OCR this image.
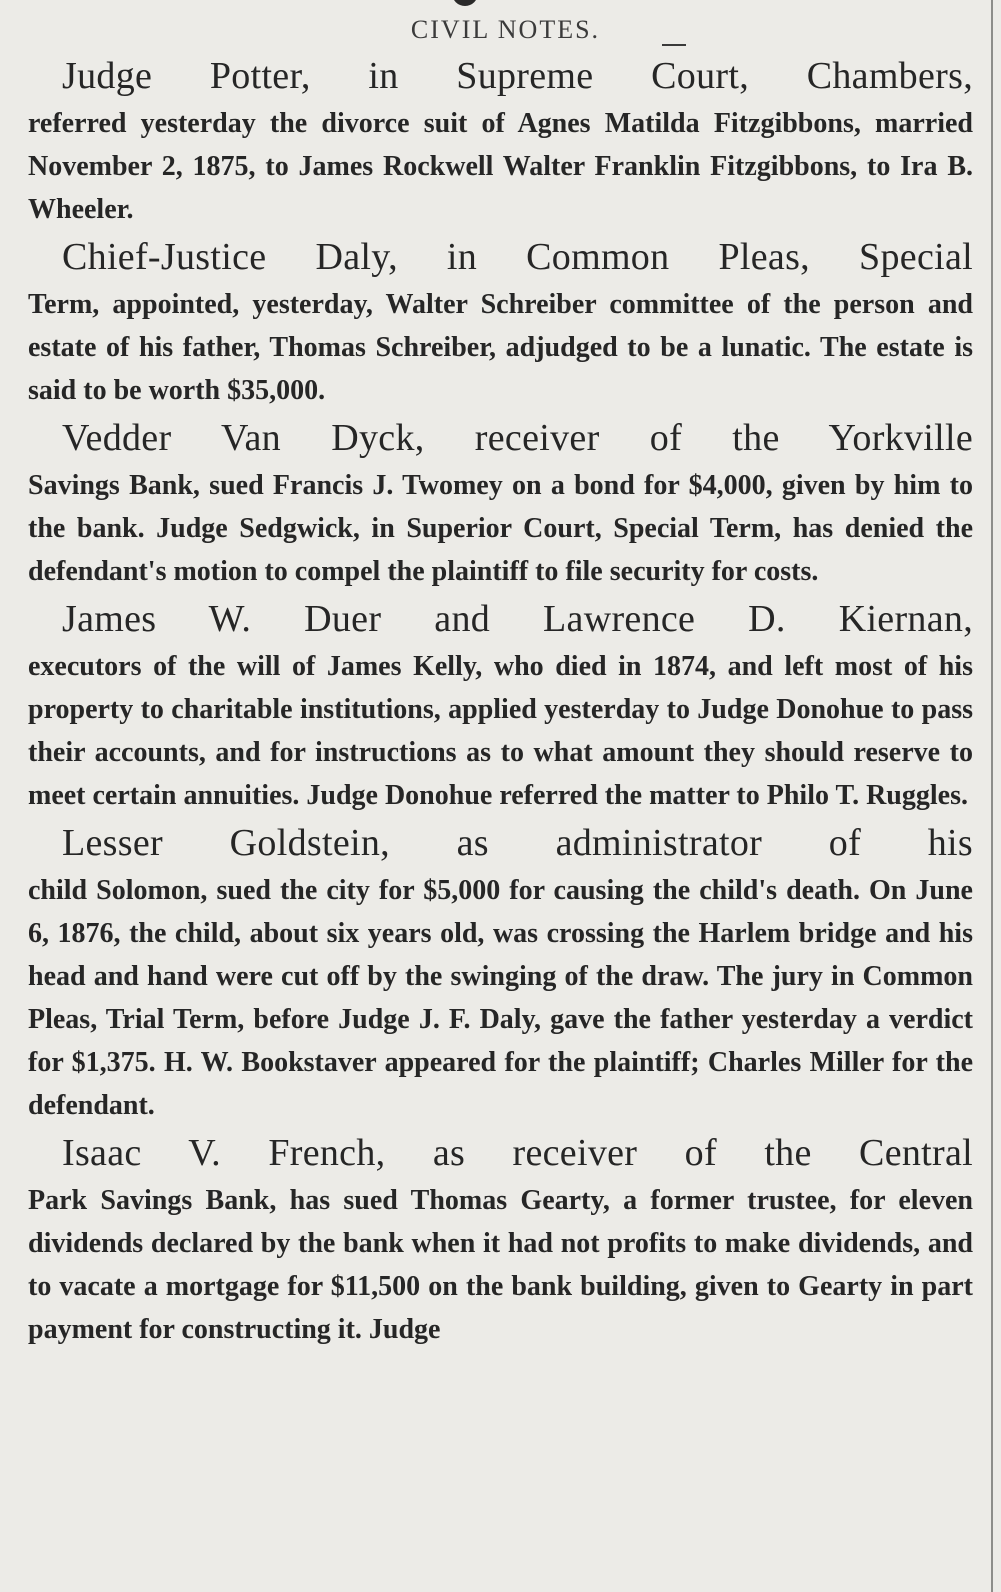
CIVIL NOTES.
Judge Potter, in Supreme Court, Chambers,

referred yesterday the divorce suit of Agnes Matilda Fitzgibbons, married November 2, 1875, to James Rockwell Walter Franklin Fitzgibbons, to Ira B. Wheeler.

Chief-Justice Daly, in Common Pleas, Special

Term, appointed, yesterday, Walter Schreiber committee of the person and estate of his father, Thomas Schreiber, adjudged to be a lunatic. The estate is said to be worth $35,000.

Vedder Van Dyck, receiver of the Yorkville

Savings Bank, sued Francis J. Twomey on a bond for $4,000, given by him to the bank. Judge Sedgwick, in Superior Court, Special Term, has denied the defendant's motion to compel the plaintiff to file security for costs.

James W. Duer and Lawrence D. Kiernan,

executors of the will of James Kelly, who died in 1874, and left most of his property to charitable institutions, applied yesterday to Judge Donohue to pass their accounts, and for instructions as to what amount they should reserve to meet certain annuities. Judge Donohue referred the matter to Philo T. Ruggles.

Lesser Goldstein, as administrator of his

child Solomon, sued the city for $5,000 for causing the child's death. On June 6, 1876, the child, about six years old, was crossing the Harlem bridge and his head and hand were cut off by the swinging of the draw. The jury in Common Pleas, Trial Term, before Judge J. F. Daly, gave the father yesterday a verdict for $1,375. H. W. Bookstaver appeared for the plaintiff; Charles Miller for the defendant.

Isaac V. French, as receiver of the Central

Park Savings Bank, has sued Thomas Gearty, a former trustee, for eleven dividends declared by the bank when it had not profits to make dividends, and to vacate a mortgage for $11,500 on the bank building, given to Gearty in part payment for constructing it. Judge
